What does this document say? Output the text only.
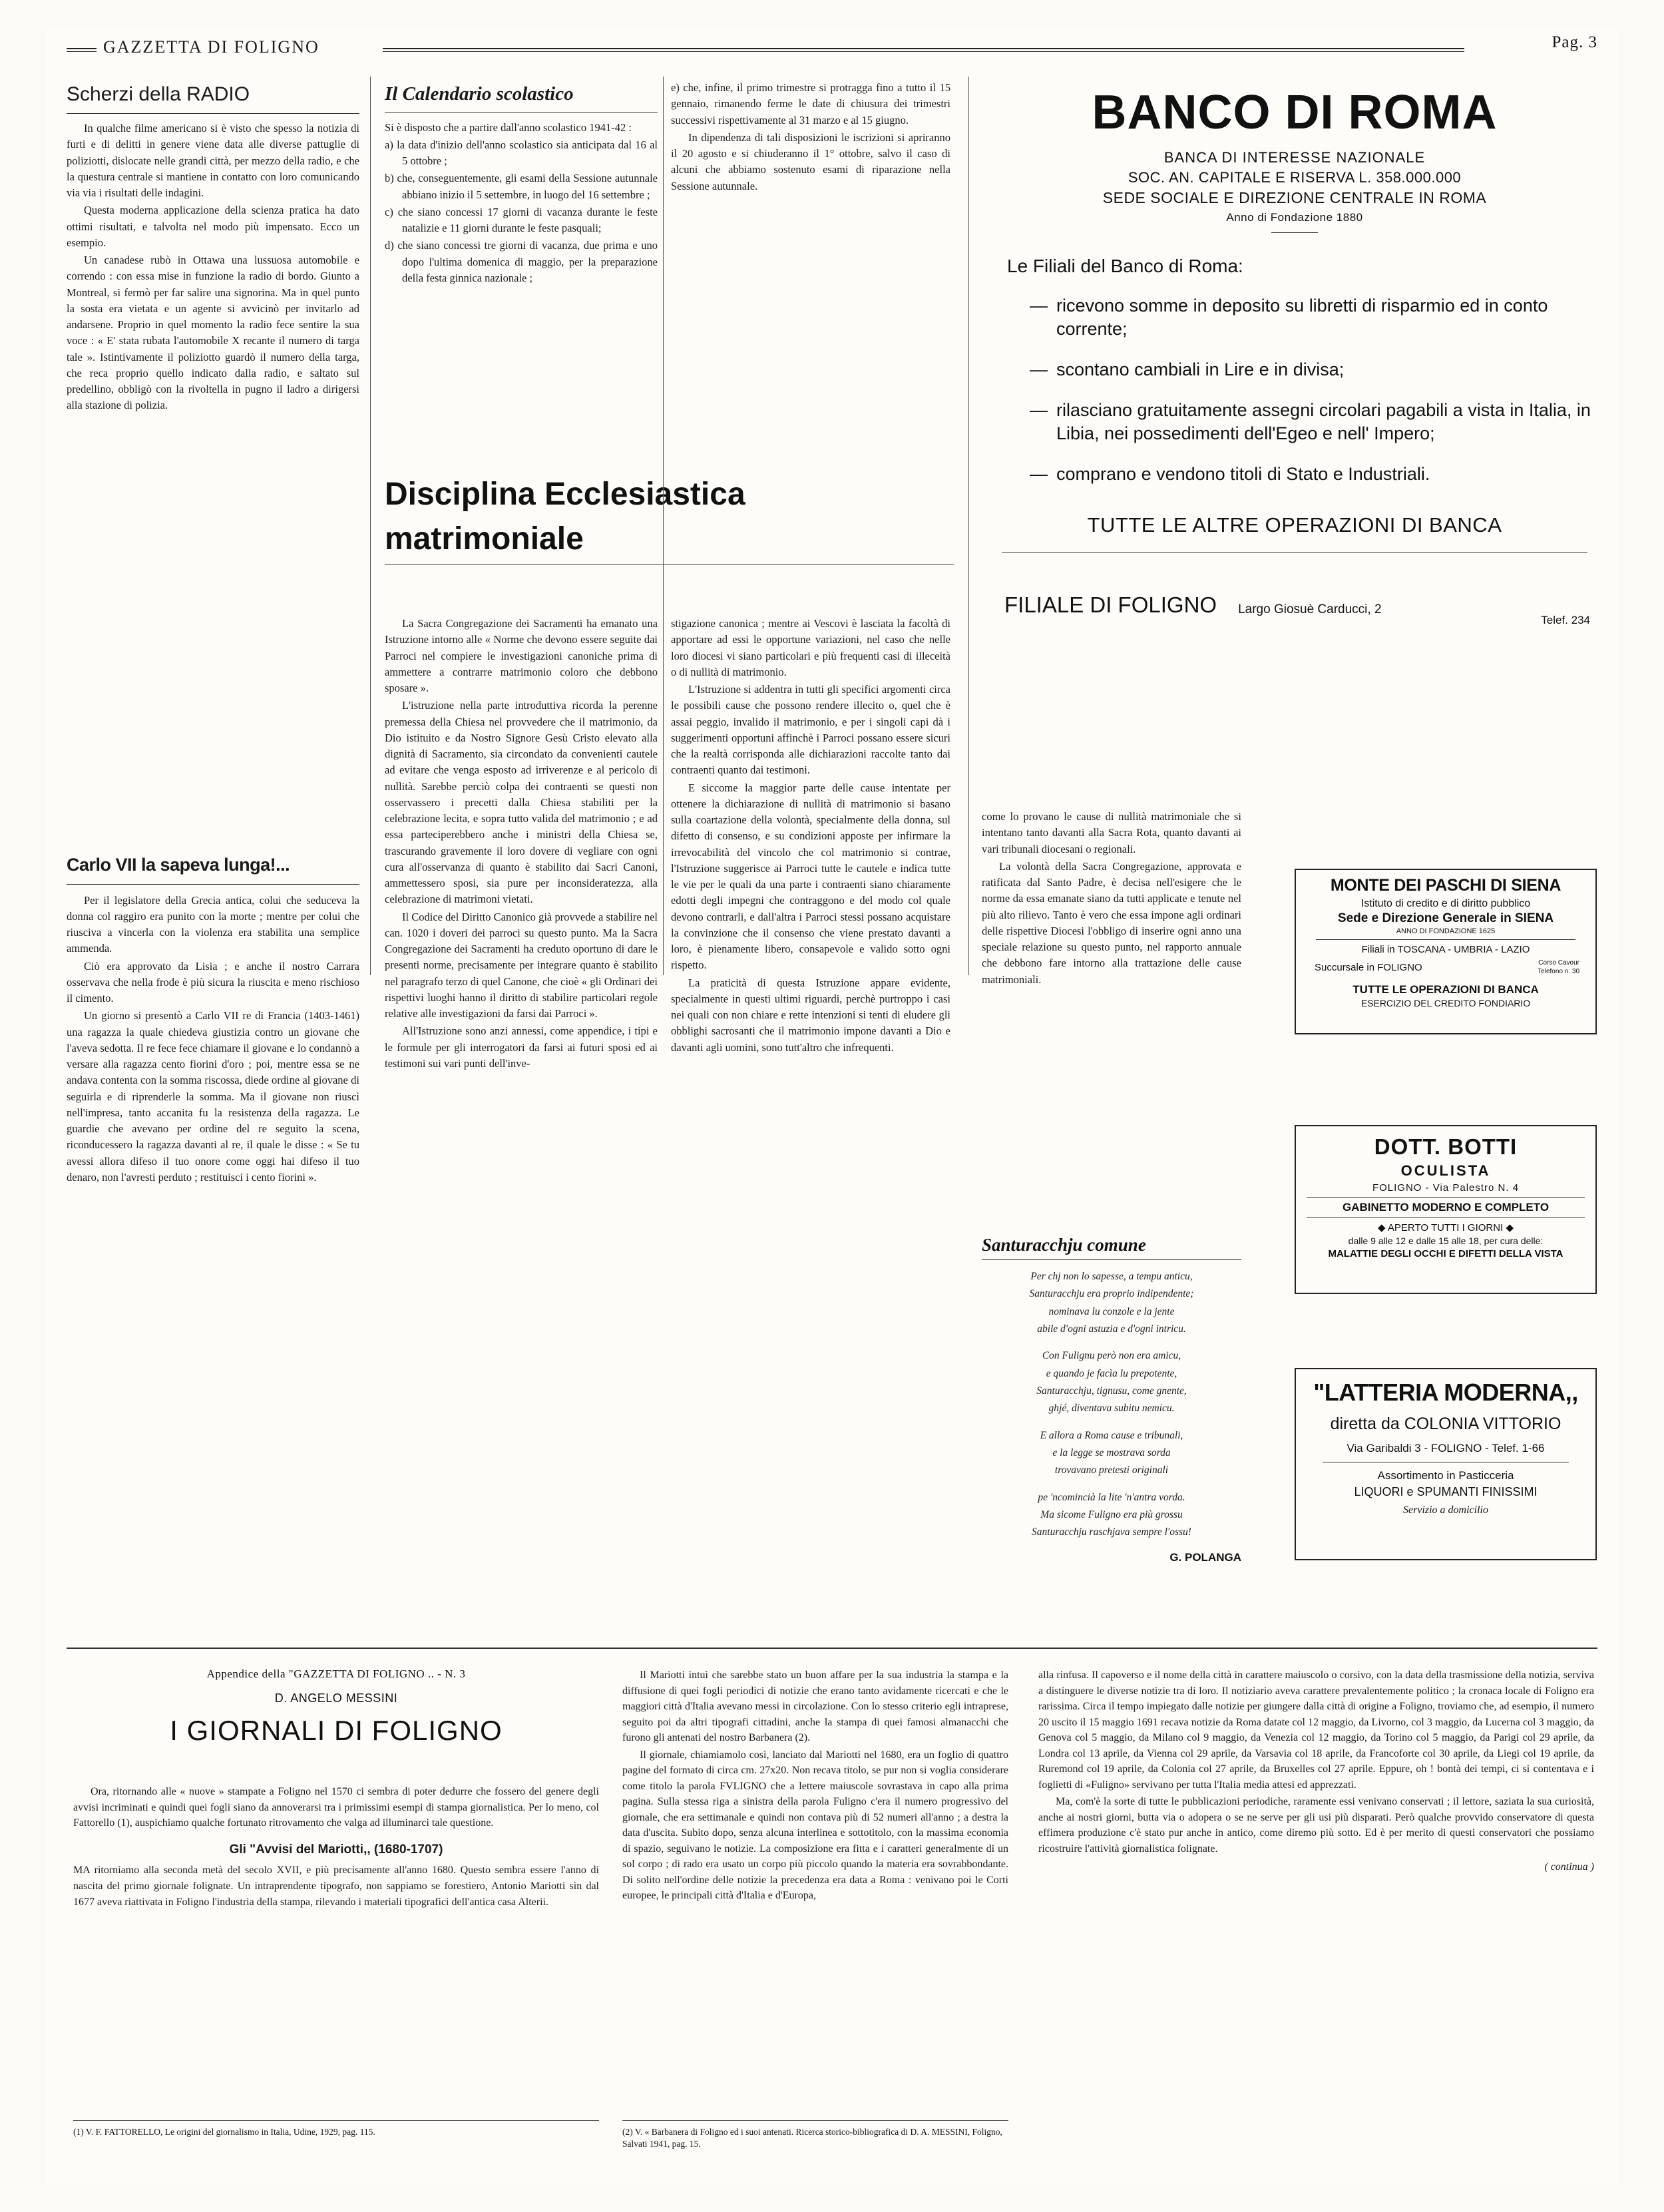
GAZZETTA DI FOLIGNO	Pag. 3
Scherzi della RADIO

In qualche filme americano si è visto che spesso la notizia di furti e di delitti in genere viene data alle diverse pattuglie di poliziotti, dislocate nelle grandi città, per mezzo della radio, e che la questura centrale si mantiene in contatto con loro comunicando via via i risultati delle indagini.

Questa moderna applicazione della scienza pratica ha dato ottimi risultati, e talvolta nel modo più impensato. Ecco un esempio.

Un canadese rubò in Ottawa una lussuosa automobile e correndo : con essa mise in funzione la radio di bordo. Giunto a Montreal, si fermò per far salire una signorina. Ma in quel punto la sosta era vietata e un agente si avvicinò per invitarlo ad andarsene. Proprio in quel momento la radio fece sentire la sua voce : « E' stata rubata l'automobile X recante il numero di targa tale ». Istintivamente il poliziotto guardò il numero della targa, che reca proprio quello indicato dalla radio, e saltato sul predellino, obbligò con la rivoltella in pugno il ladro a dirigersi alla stazione di polizia.

Carlo VII la sapeva lunga!...

Per il legislatore della Grecia antica, colui che seduceva la donna col raggiro era punito con la morte ; mentre per colui che riusciva a vincerla con la violenza era stabilita una semplice ammenda.

Ciò era approvato da Lisia ; e anche il nostro Carrara osservava che nella frode è più sicura la riuscita e meno rischioso il cimento.

Un giorno si presentò a Carlo VII re di Francia (1403-1461) una ragazza la quale chiedeva giustizia contro un giovane che l'aveva sedotta. Il re fece fece chiamare il giovane e lo condannò a versare alla ragazza cento fiorini d'oro ; poi, mentre essa se ne andava contenta con la somma riscossa, diede ordine al giovane di seguirla e di riprenderle la somma. Ma il giovane non riuscì nell'impresa, tanto accanita fu la resistenza della ragazza. Le guardie che avevano per ordine del re seguito la scena, riconducessero la ragazza davanti al re, il quale le disse : « Se tu avessi allora difeso il tuo onore come oggi hai difeso il tuo denaro, non l'avresti perduto ; restituisci i cento fiorini ».

Il Calendario scolastico

Si è disposto che a partire dall'anno scolastico 1941-42 :

a) la data d'inizio dell'anno scolastico sia anticipata dal 16 al 5 ottobre ;

b) che, conseguentemente, gli esami della Sessione autunnale abbiano inizio il 5 settembre, in luogo del 16 settembre ;

c) che siano concessi 17 giorni di vacanza durante le feste natalizie e 11 giorni durante le feste pasquali;

d) che siano concessi tre giorni di vacanza, due prima e uno dopo l'ultima domenica di maggio, per la preparazione della festa ginnica nazionale ;

e) che, infine, il primo trimestre si protragga fino a tutto il 15 gennaio, rimanendo ferme le date di chiusura dei trimestri successivi rispettivamente al 31 marzo e al 15 giugno.

In dipendenza di tali disposizioni le iscrizioni si apriranno il 20 agosto e si chiuderanno il 1° ottobre, salvo il caso di alcuni che abbiamo sostenuto esami di riparazione nella Sessione autunnale.

Disciplina Ecclesiastica
matrimoniale

La Sacra Congregazione dei Sacramenti ha emanato una Istruzione intorno alle « Norme che devono essere seguite dai Parroci nel compiere le investigazioni canoniche prima di ammettere a contrarre matrimonio coloro che debbono sposare ».

L'istruzione nella parte introduttiva ricorda la perenne premessa della Chiesa nel provvedere che il matrimonio, da Dio istituito e da Nostro Signore Gesù Cristo elevato alla dignità di Sacramento, sia circondato da convenienti cautele ad evitare che venga esposto ad irriverenze e al pericolo di nullità. Sarebbe perciò colpa dei contraenti se questi non osservassero i precetti dalla Chiesa stabiliti per la celebrazione lecita, e sopra tutto valida del matrimonio ; e ad essa parteciperebbero anche i ministri della Chiesa se, trascurando gravemente il loro dovere di vegliare con ogni cura all'osservanza di quanto è stabilito dai Sacri Canoni, ammettessero sposi, sia pure per inconsideratezza, alla celebrazione di matrimoni vietati.

Il Codice del Diritto Canonico già provvede a stabilire nel can. 1020 i doveri dei parroci su questo punto. Ma la Sacra Congregazione dei Sacramenti ha creduto oportuno di dare le presenti norme, precisamente per integrare quanto è stabilito nel paragrafo terzo di quel Canone, che cioè « gli Ordinari dei rispettivi luoghi hanno il diritto di stabilire particolari regole relative alle investigazioni da farsi dai Parroci ».

All'Istruzione sono anzi annessi, come appendice, i tipi e le formule per gli interrogatori da farsi ai futuri sposi ed ai testimoni sui vari punti dell'inve-

stigazione canonica ; mentre ai Vescovi è lasciata la facoltà di apportare ad essi le opportune variazioni, nel caso che nelle loro diocesi vi siano particolari e più frequenti casi di illeceità o di nullità di matrimonio.

L'Istruzione si addentra in tutti gli specifici argomenti circa le possibili cause che possono rendere illecito o, quel che è assai peggio, invalido il matrimonio, e per i singoli capi dà i suggerimenti opportuni affinchè i Parroci possano essere sicuri che la realtà corrisponda alle dichiarazioni raccolte tanto dai contraenti quanto dai testimoni.

E siccome la maggior parte delle cause intentate per ottenere la dichiarazione di nullità di matrimonio si basano sulla coartazione della volontà, specialmente della donna, sul difetto di consenso, e su condizioni apposte per infirmare la irrevocabilità del vincolo che col matrimonio si contrae, l'Istruzione suggerisce ai Parroci tutte le cautele e indica tutte le vie per le quali da una parte i contraenti siano chiaramente edotti degli impegni che contraggono e del modo col quale devono contrarli, e dall'altra i Parroci stessi possano acquistare la convinzione che il consenso che viene prestato davanti a loro, è pienamente libero, consapevole e valido sotto ogni rispetto.

La praticità di questa Istruzione appare evidente, specialmente in questi ultimi riguardi, perchè purtroppo i casi nei quali con non chiare e rette intenzioni si tenti di eludere gli obblighi sacrosanti che il matrimonio impone davanti a Dio e davanti agli uomini, sono tutt'altro che infrequenti.

BANCO DI ROMA
BANCA DI INTERESSE NAZIONALE
SOC. AN. CAPITALE E RISERVA L. 358.000.000
SEDE SOCIALE E DIREZIONE CENTRALE IN ROMA
Anno di Fondazione 1880
Le Filiali del Banco di Roma:
— ricevono somme in deposito su libretti di risparmio ed in conto corrente;
— scontano cambiali in Lire e in divisa;
— rilasciano gratuitamente assegni circolari pagabili a vista in Italia, in Libia, nei possedimenti dell'Egeo e nell' Impero;
— comprano e vendono titoli di Stato e Industriali.
TUTTE LE ALTRE OPERAZIONI DI BANCA
FILIALE DI FOLIGNO Largo Giosuè Carducci, 2
Telef. 234

come lo provano le cause di nullità matrimoniale che si intentano tanto davanti alla Sacra Rota, quanto davanti ai vari tribunali diocesani o regionali.

La volontà della Sacra Congregazione, approvata e ratificata dal Santo Padre, è decisa nell'esigere che le norme da essa emanate siano da tutti applicate e tenute nel più alto rilievo. Tanto è vero che essa impone agli ordinari delle rispettive Diocesi l'obbligo di inserire ogni anno una speciale relazione su questo punto, nel rapporto annuale che debbono fare intorno alla trattazione delle cause matrimoniali.

Santuracchju comune
Per chj non lo sapesse, a tempu anticu,
Santuracchju era proprio indipendente;
nominava lu conzole e la jente
abile d'ogni astuzia e d'ogni intricu.
Con Fulignu però non era amicu,
e quando je facìa lu prepotente,
Santuracchju, tignusu, come gnente,
ghjé, diventava subitu nemicu.
E allora a Roma cause e tribunali,
e la legge se mostrava sorda
trovavano pretesti originali
pe 'ncomincià la lite 'n'antra vorda.
Ma sicome Fuligno era più grossu
Santuracchju raschjava sempre l'ossu!
G. POLANGA
MONTE DEI PASCHI DI SIENA
Istituto di credito e di diritto pubblico
Sede e Direzione Generale in SIENA
ANNO DI FONDAZIONE 1625
Filiali in TOSCANA - UMBRIA - LAZIO
Succursale in FOLIGNO	Corso Cavour
Telefono n. 30
TUTTE LE OPERAZIONI DI BANCA
ESERCIZIO DEL CREDITO FONDIARIO
DOTT. BOTTI
OCULISTA
FOLIGNO - Via Palestro N. 4
GABINETTO MODERNO E COMPLETO
◆ APERTO TUTTI I GIORNI ◆
dalle 9 alle 12 e dalle 15 alle 18, per cura delle:
MALATTIE DEGLI OCCHI E DIFETTI DELLA VISTA
"LATTERIA MODERNA,,
diretta da COLONIA VITTORIO
Via Garibaldi 3 - FOLIGNO - Telef. 1-66
Assortimento in Pasticceria
LIQUORI e SPUMANTI FINISSIMI
Servizio a domicilio
Appendice della "GAZZETTA DI FOLIGNO .. - N. 3
D. ANGELO MESSINI
I GIORNALI DI FOLIGNO

Ora, ritornando alle « nuove » stampate a Foligno nel 1570 ci sembra di poter dedurre che fossero del genere degli avvisi incriminati e quindi quei fogli siano da annoverarsi tra i primissimi esempi di stampa giornalistica. Per lo meno, col Fattorello (1), auspichiamo qualche fortunato ritrovamento che valga ad illuminarci tale questione.

Gli "Avvisi del Mariotti,, (1680-1707)

MA ritorniamo alla seconda metà del secolo XVII, e più precisamente all'anno 1680. Questo sembra essere l'anno di nascita del primo giornale folignate. Un intraprendente tipografo, non sappiamo se forestiero, Antonio Mariotti sin dal 1677 aveva riattivata in Foligno l'industria della stampa, rilevando i materiali tipografici dell'antica casa Alterii.

Il Mariotti intuì che sarebbe stato un buon affare per la sua industria la stampa e la diffusione di quei fogli periodici di notizie che erano tanto avidamente ricercati e che le maggiori città d'Italia avevano messi in circolazione. Con lo stesso criterio egli intraprese, seguito poi da altri tipografi cittadini, anche la stampa di quei famosi almanacchi che furono gli antenati del nostro Barbanera (2).

Il giornale, chiamiamolo così, lanciato dal Mariotti nel 1680, era un foglio di quattro pagine del formato di circa cm. 27x20. Non recava titolo, se pur non si voglia considerare come titolo la parola FVLIGNO che a lettere maiuscole sovrastava in capo alla prima pagina. Sulla stessa riga a sinistra della parola Fuligno c'era il numero progressivo del giornale, che era settimanale e quindi non contava più di 52 numeri all'anno ; a destra la data d'uscita. Subito dopo, senza alcuna interlinea e sottotitolo, con la massima economia di spazio, seguivano le notizie. La composizione era fitta e i caratteri generalmente di un sol corpo ; di rado era usato un corpo più piccolo quando la materia era sovrabbondante. Di solito nell'ordine delle notizie la precedenza era data a Roma : venivano poi le Corti europee, le principali città d'Italia e d'Europa,

alla rinfusa. Il capoverso e il nome della città in carattere maiuscolo o corsivo, con la data della trasmissione della notizia, serviva a distinguere le diverse notizie tra di loro. Il notiziario aveva carattere prevalentemente politico ; la cronaca locale di Foligno era rarissima. Circa il tempo impiegato dalle notizie per giungere dalla città di origine a Foligno, troviamo che, ad esempio, il numero 20 uscito il 15 maggio 1691 recava notizie da Roma datate col 12 maggio, da Livorno, col 3 maggio, da Lucerna col 3 maggio, da Genova col 5 maggio, da Milano col 9 maggio, da Venezia col 12 maggio, da Torino col 5 maggio, da Parigi col 29 aprile, da Londra col 13 aprile, da Vienna col 29 aprile, da Varsavia col 18 aprile, da Francoforte col 30 aprile, da Liegi col 19 aprile, da Ruremond col 19 aprile, da Colonia col 27 aprile, da Bruxelles col 27 aprile. Eppure, oh ! bontà dei tempi, ci si contentava e i foglietti di «Fuligno» servivano per tutta l'Italia media attesi ed apprezzati.

Ma, com'è la sorte di tutte le pubblicazioni periodiche, raramente essi venivano conservati ; il lettore, saziata la sua curiosità, anche ai nostri giorni, butta via o adopera o se ne serve per gli usi più disparati. Però qualche provvido conservatore di questa effimera produzione c'è stato pur anche in antico, come diremo più sotto. Ed è per merito di questi conservatori che possiamo ricostruire l'attività giornalistica folignate.

( continua )
(1) V. F. FATTORELLO, Le origini del giornalismo in Italia, Udine, 1929, pag. 115.	(2) V. « Barbanera di Foligno ed i suoi antenati. Ricerca storico-bibliografica di D. A. MESSINI, Foligno, Salvati 1941, pag. 15.
